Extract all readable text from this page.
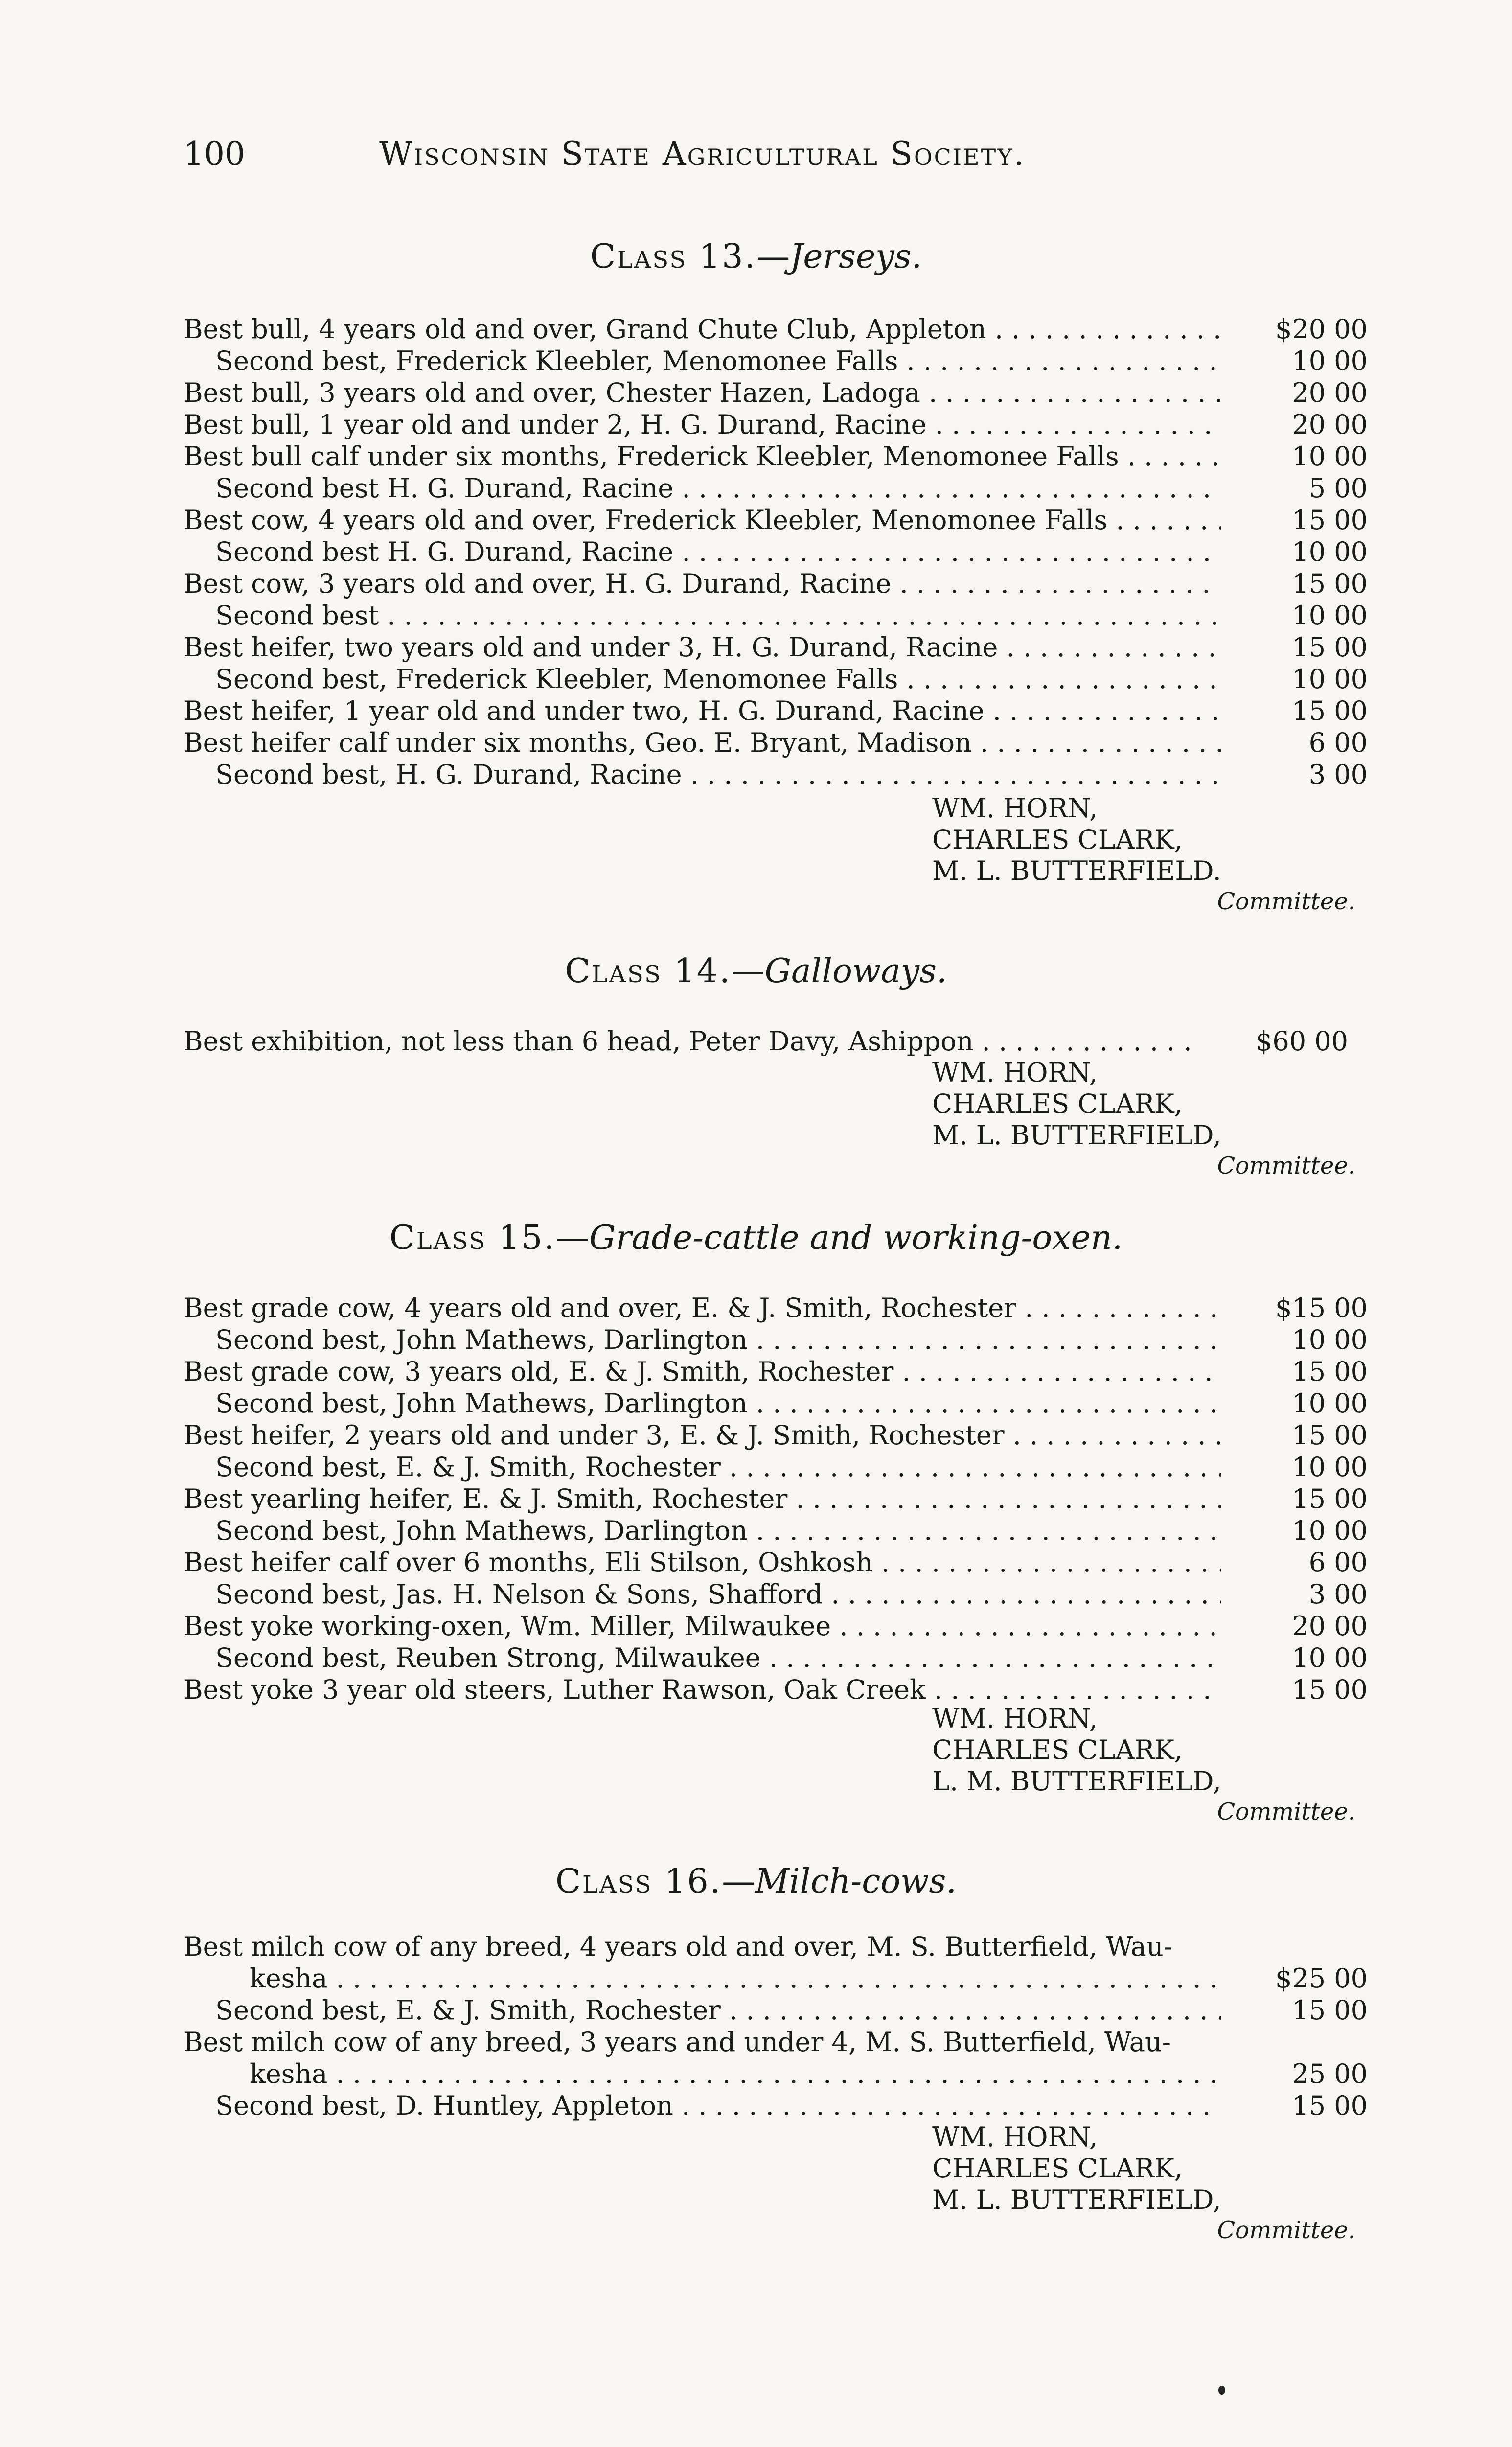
100	Wisconsin State Agricultural Society.
Class 13.—Jerseys.
Best bull, 4 years old and over, Grand Chute Club, Appleton . . .	$20 00
Second best, Frederick Kleebler, Menomonee Falls . . .	10 00
Best bull, 3 years old and over, Chester Hazen, Ladoga . . .	20 00
Best bull, 1 year old and under 2, H. G. Durand, Racine . . .	20 00
Best bull calf under six months, Frederick Kleebler, Menomonee Falls . . .	10 00
Second best H. G. Durand, Racine . . .	5 00
Best cow, 4 years old and over, Frederick Kleebler, Menomonee Falls . . .	15 00
Second best H. G. Durand, Racine . . .	10 00
Best cow, 3 years old and over, H. G. Durand, Racine . . .	15 00
Second best . . .	10 00
Best heifer, two years old and under 3, H. G. Durand, Racine . . .	15 00
Second best, Frederick Kleebler, Menomonee Falls . . .	10 00
Best heifer, 1 year old and under two, H. G. Durand, Racine . . .	15 00
Best heifer calf under six months, Geo. E. Bryant, Madison . . .	6 00
Second best, H. G. Durand, Racine . . .	3 00
WM. HORN,
CHARLES CLARK,
M. L. BUTTERFIELD.
Committee.
Class 14.—Galloways.
Best exhibition, not less than 6 head, Peter Davy, Ashippon . . .	$60 00
WM. HORN,
CHARLES CLARK,
M. L. BUTTERFIELD,
Committee.
Class 15.—Grade-cattle and working-oxen.
Best grade cow, 4 years old and over, E. & J. Smith, Rochester . . .	$15 00
Second best, John Mathews, Darlington . . .	10 00
Best grade cow, 3 years old, E. & J. Smith, Rochester . . .	15 00
Second best, John Mathews, Darlington . . .	10 00
Best heifer, 2 years old and under 3, E. & J. Smith, Rochester . . .	15 00
Second best, E. & J. Smith, Rochester . . .	10 00
Best yearling heifer, E. & J. Smith, Rochester . . .	15 00
Second best, John Mathews, Darlington . . .	10 00
Best heifer calf over 6 months, Eli Stilson, Oshkosh . . .	6 00
Second best, Jas. H. Nelson & Sons, Shafford . . .	3 00
Best yoke working-oxen, Wm. Miller, Milwaukee . . .	20 00
Second best, Reuben Strong, Milwaukee . . .	10 00
Best yoke 3 year old steers, Luther Rawson, Oak Creek . . .	15 00
WM. HORN,
CHARLES CLARK,
L. M. BUTTERFIELD,
Committee.
Class 16.—Milch-cows.
Best milch cow of any breed, 4 years old and over, M. S. Butterfield, Wau-
kesha . . .	$25 00
Second best, E. & J. Smith, Rochester . . .	15 00
Best milch cow of any breed, 3 years and under 4, M. S. Butterfield, Wau-
kesha . . .	25 00
Second best, D. Huntley, Appleton . . .	15 00
WM. HORN,
CHARLES CLARK,
M. L. BUTTERFIELD,
Committee.
